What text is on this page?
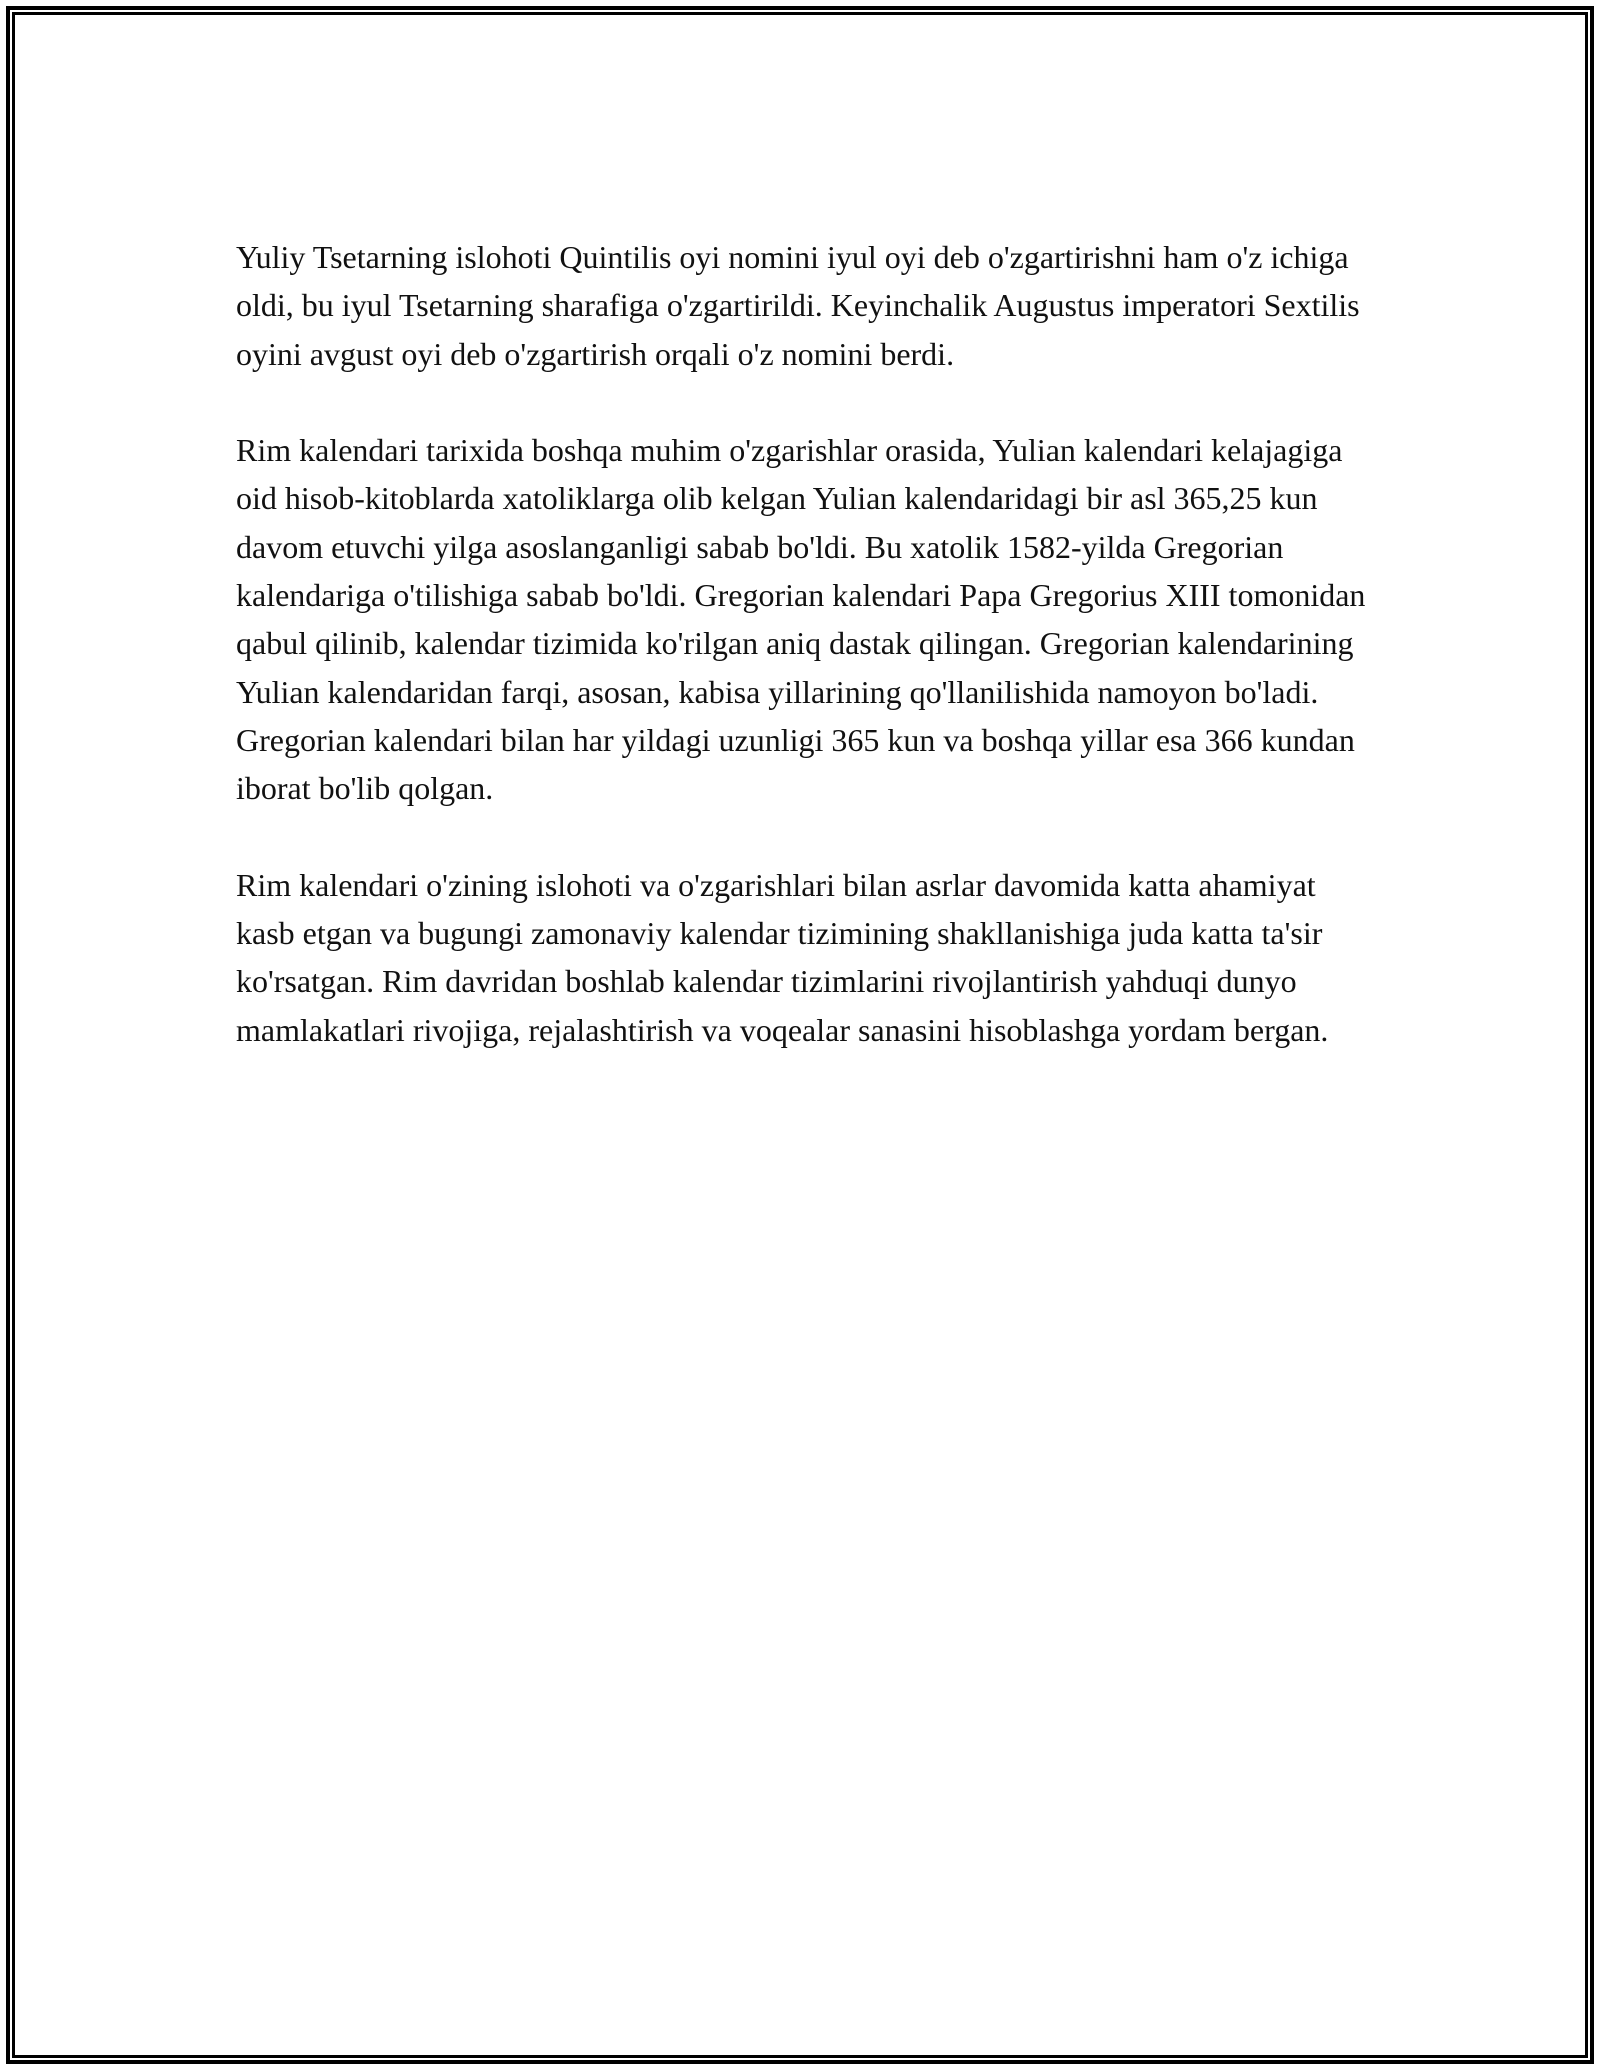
Yuliy Tsetarning islohoti Quintilis oyi nomini iyul oyi deb o'zgartirishni ham o'z ichiga oldi, bu iyul Tsetarning sharafiga o'zgartirildi. Keyinchalik Augustus imperatori Sextilis oyini avgust oyi deb o'zgartirish orqali o'z nomini berdi.

Rim kalendari tarixida boshqa muhim o'zgarishlar orasida, Yulian kalendari kelajagiga oid hisob-kitoblarda xatoliklarga olib kelgan Yulian kalendaridagi bir asl 365,25 kun davom etuvchi yilga asoslanganligi sabab bo'ldi. Bu xatolik 1582-yilda Gregorian kalendariga o'tilishiga sabab bo'ldi. Gregorian kalendari Papa Gregorius XIII tomonidan qabul qilinib, kalendar tizimida ko'rilgan aniq dastak qilingan. Gregorian kalendarining Yulian kalendaridan farqi, asosan, kabisa yillarining qo'llanilishida namoyon bo'ladi. Gregorian kalendari bilan har yildagi uzunligi 365 kun va boshqa yillar esa 366 kundan iborat bo'lib qolgan.

Rim kalendari o'zining islohoti va o'zgarishlari bilan asrlar davomida katta ahamiyat kasb etgan va bugungi zamonaviy kalendar tizimining shakllanishiga juda katta ta'sir ko'rsatgan. Rim davridan boshlab kalendar tizimlarini rivojlantirish yahduqi dunyo mamlakatlari rivojiga, rejalashtirish va voqealar sanasini hisoblashga yordam bergan.
